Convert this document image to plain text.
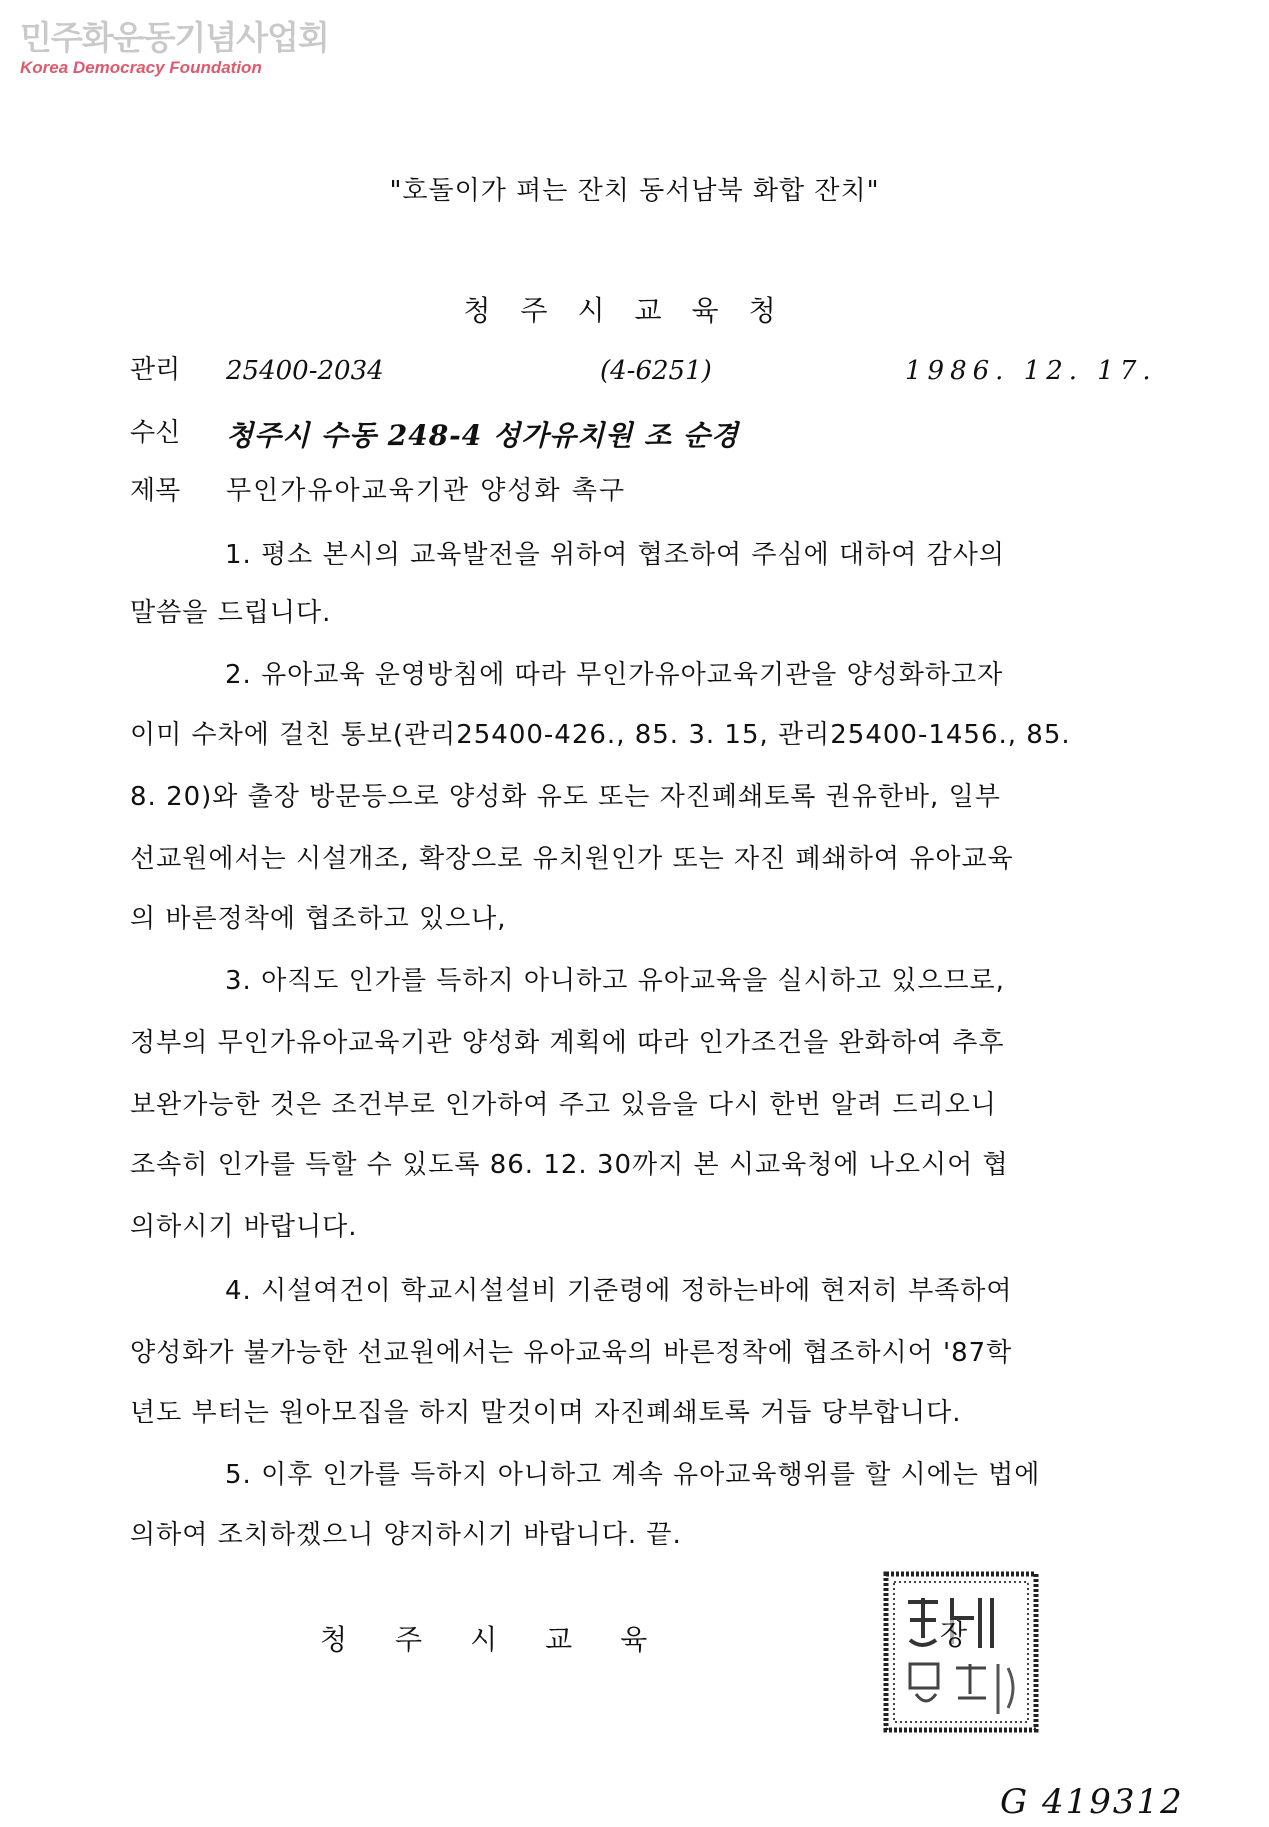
민주화운동기념사업회
Korea Democracy Foundation
"호돌이가 펴는 잔치 동서남북 화합 잔치"
청주시교육청
관리 25400-2034	(4-6251)	1986. 12. 17.
수신 청주시 수동 248-4 성가유치원 조 순경
제목 무인가유아교육기관 양성화 촉구
1. 평소 본시의 교육발전을 위하여 협조하여 주심에 대하여 감사의
말씀을 드립니다.
2. 유아교육 운영방침에 따라 무인가유아교육기관을 양성화하고자
이미 수차에 걸친 통보(관리25400-426., 85. 3. 15, 관리25400-1456., 85.
8. 20)와 출장 방문등으로 양성화 유도 또는 자진폐쇄토록 권유한바, 일부
선교원에서는 시설개조, 확장으로 유치원인가 또는 자진 폐쇄하여 유아교육
의 바른정착에 협조하고 있으나,
3. 아직도 인가를 득하지 아니하고 유아교육을 실시하고 있으므로,
정부의 무인가유아교육기관 양성화 계획에 따라 인가조건을 완화하여 추후
보완가능한 것은 조건부로 인가하여 주고 있음을 다시 한번 알려 드리오니
조속히 인가를 득할 수 있도록 86. 12. 30까지 본 시교육청에 나오시어 협
의하시기 바랍니다.
4. 시설여건이 학교시설설비 기준령에 정하는바에 현저히 부족하여
양성화가 불가능한 선교원에서는 유아교육의 바른정착에 협조하시어 '87학
년도 부터는 원아모집을 하지 말것이며 자진폐쇄토록 거듭 당부합니다.
5. 이후 인가를 득하지 아니하고 계속 유아교육행위를 할 시에는 법에
의하여 조치하겠으니 양지하시기 바랍니다. 끝.
청주시교육	장
G 419312
